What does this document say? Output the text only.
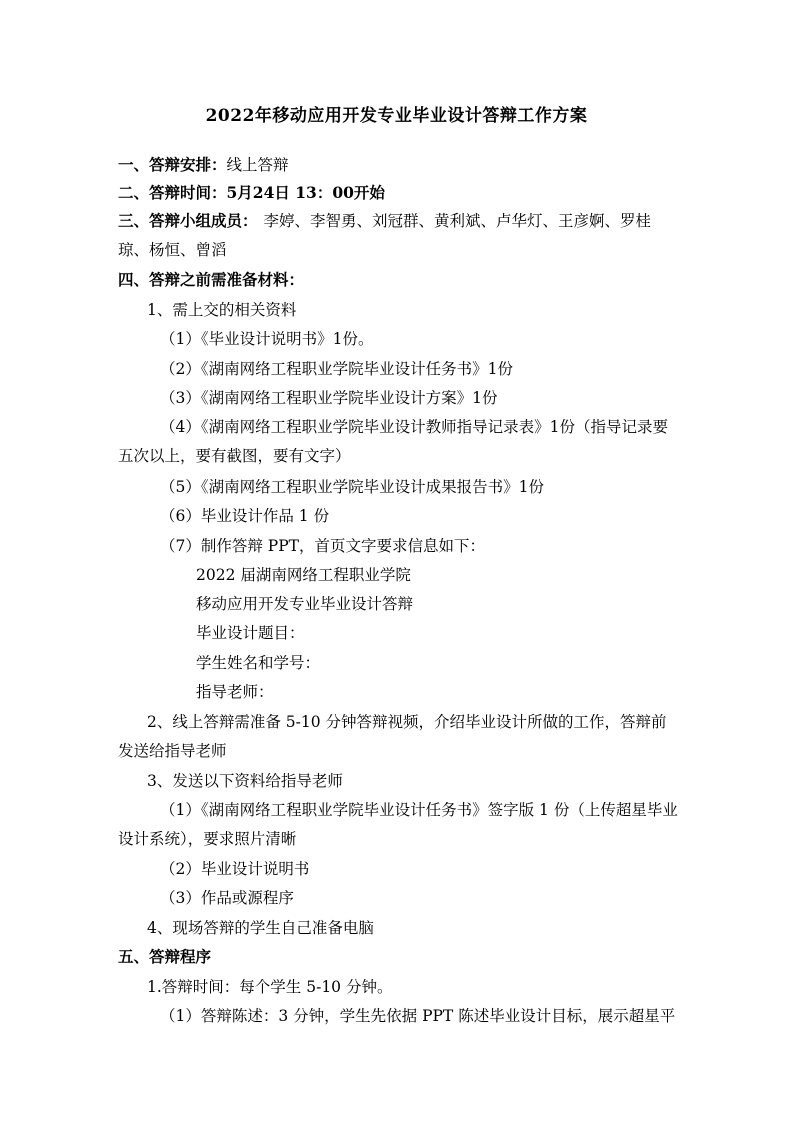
2022年移动应用开发专业毕业设计答辩工作方案
一、答辩安排：线上答辩
二、答辩时间：5月24日 13：00开始
三、答辩小组成员： 李婷、李智勇、刘冠群、黄利斌、卢华灯、王彦婀、罗桂
琼、杨恒、曾滔
四、答辩之前需准备材料：
1、需上交的相关资料
（1）《毕业设计说明书》1份。
（2）《湖南网络工程职业学院毕业设计任务书》1份
（3）《湖南网络工程职业学院毕业设计方案》1份
（4）《湖南网络工程职业学院毕业设计教师指导记录表》1份（指导记录要
五次以上，要有截图，要有文字）
（5）《湖南网络工程职业学院毕业设计成果报告书》1份
（6）毕业设计作品 1 份
（7）制作答辩 PPT，首页文字要求信息如下：
2022 届湖南网络工程职业学院
移动应用开发专业毕业设计答辩
毕业设计题目：
学生姓名和学号：
指导老师：
2、线上答辩需准备 5-10 分钟答辩视频，介绍毕业设计所做的工作，答辩前
发送给指导老师
3、发送以下资料给指导老师
（1）《湖南网络工程职业学院毕业设计任务书》签字版 1 份（上传超星毕业
设计系统），要求照片清晰
（2）毕业设计说明书
（3）作品或源程序
4、现场答辩的学生自己准备电脑
五、答辩程序
1.答辩时间：每个学生 5-10 分钟。
（1）答辩陈述：3 分钟，学生先依据 PPT 陈述毕业设计目标，展示超星平
